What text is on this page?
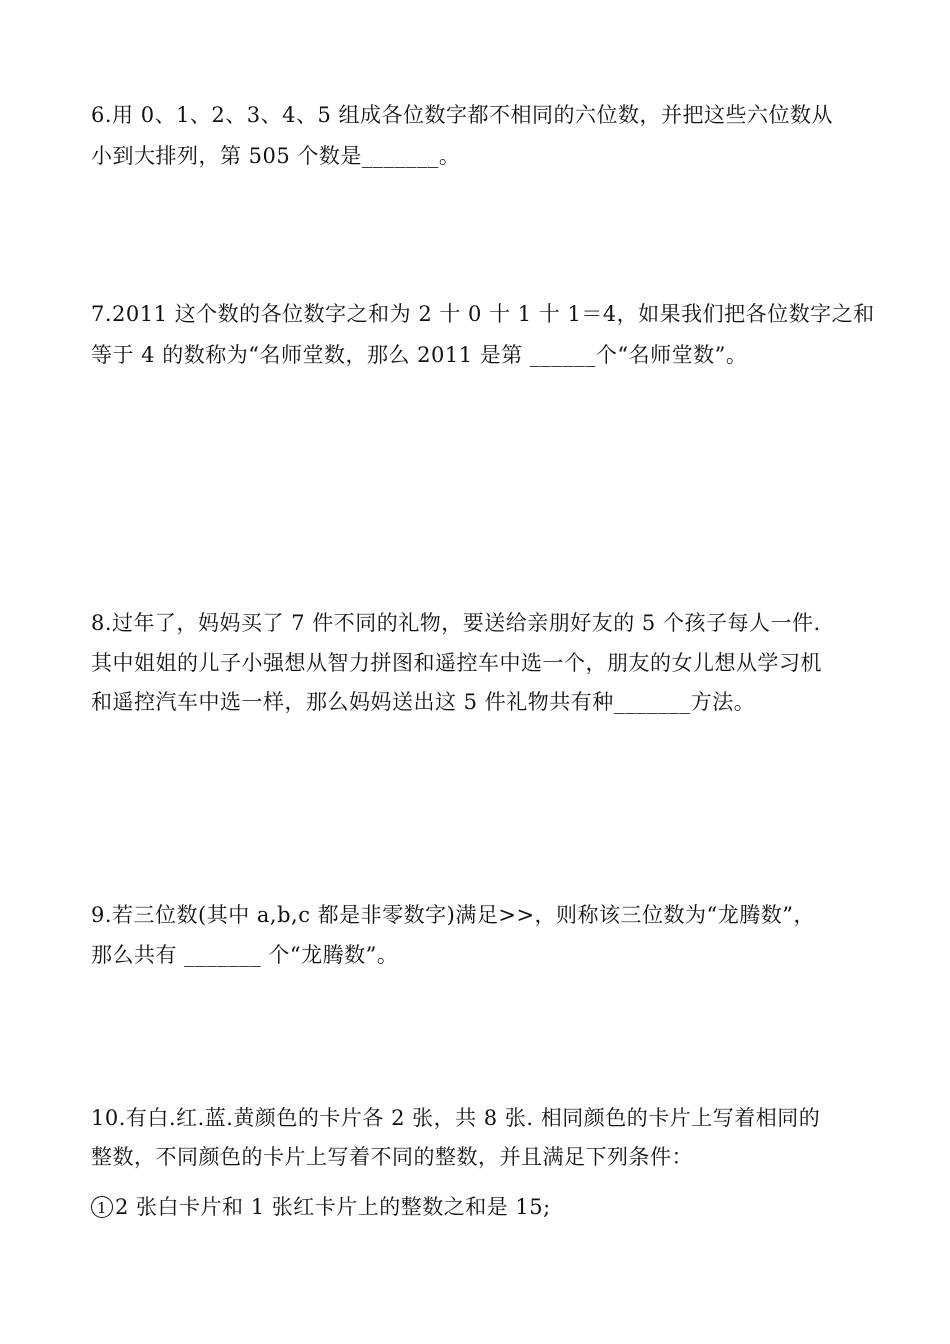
6.用 0、1、2、3、4、5 组成各位数字都不相同的六位数，并把这些六位数从
小到大排列，第 505 个数是_______。
7.2011 这个数的各位数字之和为 2 十 0 十 1 十 1＝4，如果我们把各位数字之和
等于 4 的数称为“名师堂数，那么 2011 是第 ______个“名师堂数”。
8.过年了，妈妈买了 7 件不同的礼物，要送给亲朋好友的 5 个孩子每人一件.
其中姐姐的儿子小强想从智力拼图和遥控车中选一个，朋友的女儿想从学习机
和遥控汽车中选一样，那么妈妈送出这 5 件礼物共有种_______方法。
9.若三位数(其中 a,b,c 都是非零数字)满足>>，则称该三位数为“龙腾数”，
那么共有 _______ 个“龙腾数”。
10.有白.红.蓝.黄颜色的卡片各 2 张，共 8 张. 相同颜色的卡片上写着相同的
整数，不同颜色的卡片上写着不同的整数，并且满足下列条件：
1 2 张白卡片和 1 张红卡片上的整数之和是 15;
